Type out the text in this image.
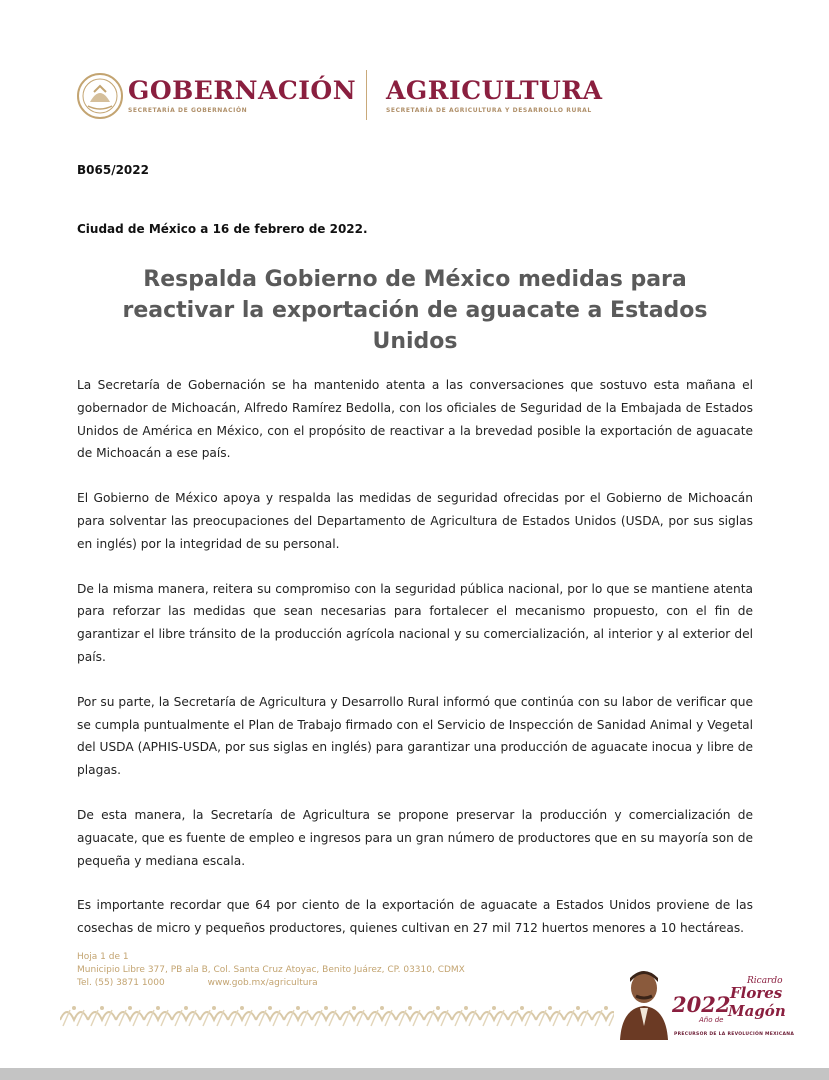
GOBERNACIÓN
SECRETARÍA DE GOBERNACIÓN
AGRICULTURA
SECRETARÍA DE AGRICULTURA Y DESARROLLO RURAL
B065/2022
Ciudad de México a 16 de febrero de 2022.
Respalda Gobierno de México medidas para reactivar la exportación de aguacate a Estados Unidos

La Secretaría de Gobernación se ha mantenido atenta a las conversaciones que sostuvo esta mañana el gobernador de Michoacán, Alfredo Ramírez Bedolla, con los oficiales de Seguridad de la Embajada de Estados Unidos de América en México, con el propósito de reactivar a la brevedad posible la exportación de aguacate de Michoacán a ese país.

El Gobierno de México apoya y respalda las medidas de seguridad ofrecidas por el Gobierno de Michoacán para solventar las preocupaciones del Departamento de Agricultura de Estados Unidos (USDA, por sus siglas en inglés) por la integridad de su personal.

De la misma manera, reitera su compromiso con la seguridad pública nacional, por lo que se mantiene atenta para reforzar las medidas que sean necesarias para fortalecer el mecanismo propuesto, con el fin de garantizar el libre tránsito de la producción agrícola nacional y su comercialización, al interior y al exterior del país.

Por su parte, la Secretaría de Agricultura y Desarrollo Rural informó que continúa con su labor de verificar que se cumpla puntualmente el Plan de Trabajo firmado con el Servicio de Inspección de Sanidad Animal y Vegetal del USDA (APHIS-USDA, por sus siglas en inglés) para garantizar una producción de aguacate inocua y libre de plagas.

De esta manera, la Secretaría de Agricultura se propone preservar la producción y comercialización de aguacate, que es fuente de empleo e ingresos para un gran número de productores que en su mayoría son de pequeña y mediana escala.

Es importante recordar que 64 por ciento de la exportación de aguacate a Estados Unidos proviene de las cosechas de micro y pequeños productores, quienes cultivan en 27 mil 712 huertos menores a 10 hectáreas.

Hoja 1 de 1
Municipio Libre 377, PB ala B, Col. Santa Cruz Atoyac, Benito Juárez, CP. 03310, CDMX
Tel. (55) 3871 1000	www.gob.mx/agricultura
2022
Año de
Ricardo
Flores
Magón
PRECURSOR DE LA REVOLUCIÓN MEXICANA
